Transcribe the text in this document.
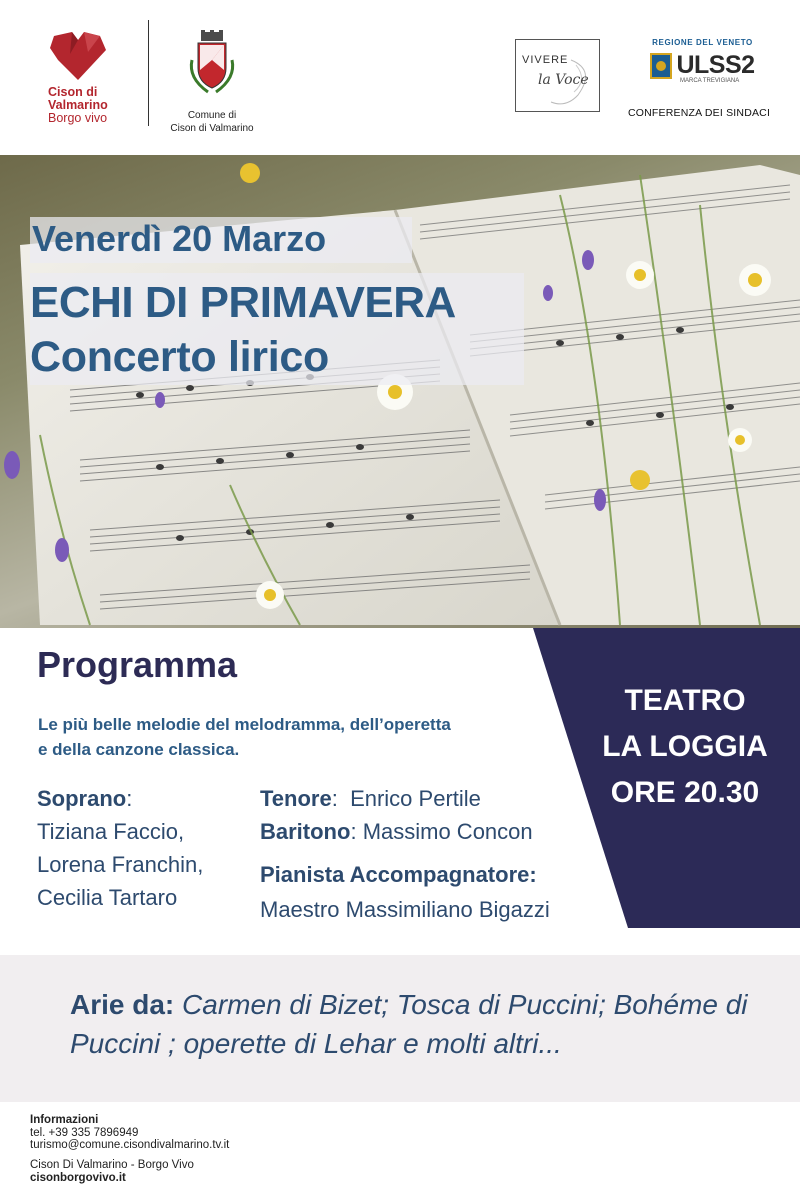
Cison di Valmarino
Borgo vivo	Comune di
Cison di Valmarino
VIVERE
la Voce
REGIONE DEL VENETO
ULSS2
MARCA TREVIGIANA
CONFERENZA DEI SINDACI
Venerdì 20 Marzo
ECHI DI PRIMAVERA
Concerto lirico
TEATRO
LA LOGGIA
ORE 20.30
Programma
Le più belle melodie del melodramma, dell’operetta
e della canzone classica.
Soprano:
Tiziana Faccio,
Lorena Franchin,
Cecilia Tartaro
Tenore:  Enrico Pertile
Baritono: Massimo Concon
Pianista Accompagnatore:
Maestro Massimiliano Bigazzi
Arie da: Carmen di Bizet; Tosca di Puccini; Bohéme di Puccini ; operette di Lehar e molti altri...
Informazioni
tel. +39 335 7896949
turismo@comune.cisondivalmarino.tv.it
Cison Di Valmarino - Borgo Vivo
cisonborgovivo.it
